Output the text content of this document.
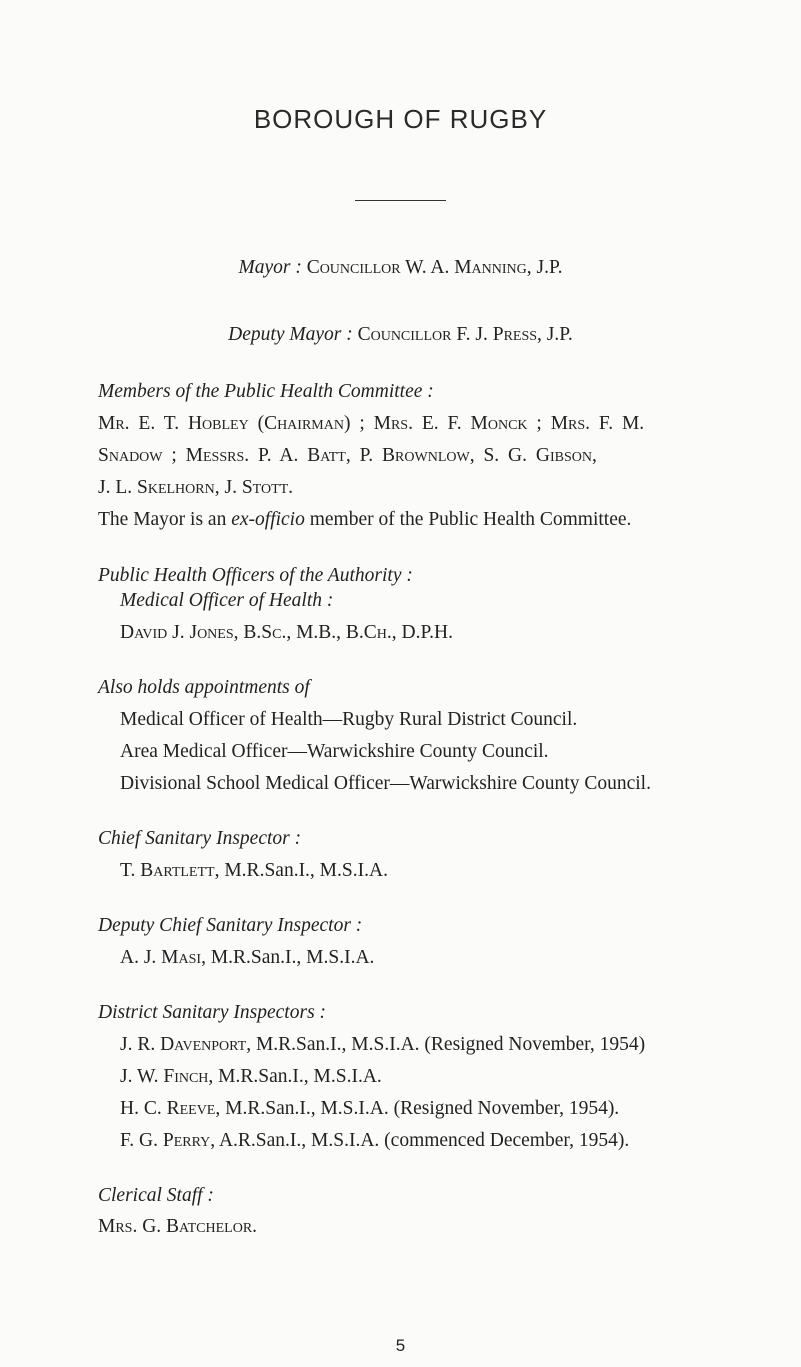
BOROUGH OF RUGBY
Mayor : Councillor W. A. Manning, J.P.
Deputy Mayor : Councillor F. J. Press, J.P.
Members of the Public Health Committee :
Mr. E. T. Hobley (Chairman) ; Mrs. E. F. Monck ; Mrs. F. M.
Snadow ; Messrs. P. A. Batt, P. Brownlow, S. G. Gibson,
J. L. Skelhorn, J. Stott.
The Mayor is an ex-officio member of the Public Health Committee.
Public Health Officers of the Authority :
Medical Officer of Health :
David J. Jones, B.Sc., M.B., B.Ch., D.P.H.
Also holds appointments of
Medical Officer of Health—Rugby Rural District Council.
Area Medical Officer—Warwickshire County Council.
Divisional School Medical Officer—Warwickshire County Council.
Chief Sanitary Inspector :
T. Bartlett, M.R.San.I., M.S.I.A.
Deputy Chief Sanitary Inspector :
A. J. Masi, M.R.San.I., M.S.I.A.
District Sanitary Inspectors :
J. R. Davenport, M.R.San.I., M.S.I.A. (Resigned November, 1954)
J. W. Finch, M.R.San.I., M.S.I.A.
H. C. Reeve, M.R.San.I., M.S.I.A. (Resigned November, 1954).
F. G. Perry, A.R.San.I., M.S.I.A. (commenced December, 1954).
Clerical Staff :
Mrs. G. Batchelor.
5
